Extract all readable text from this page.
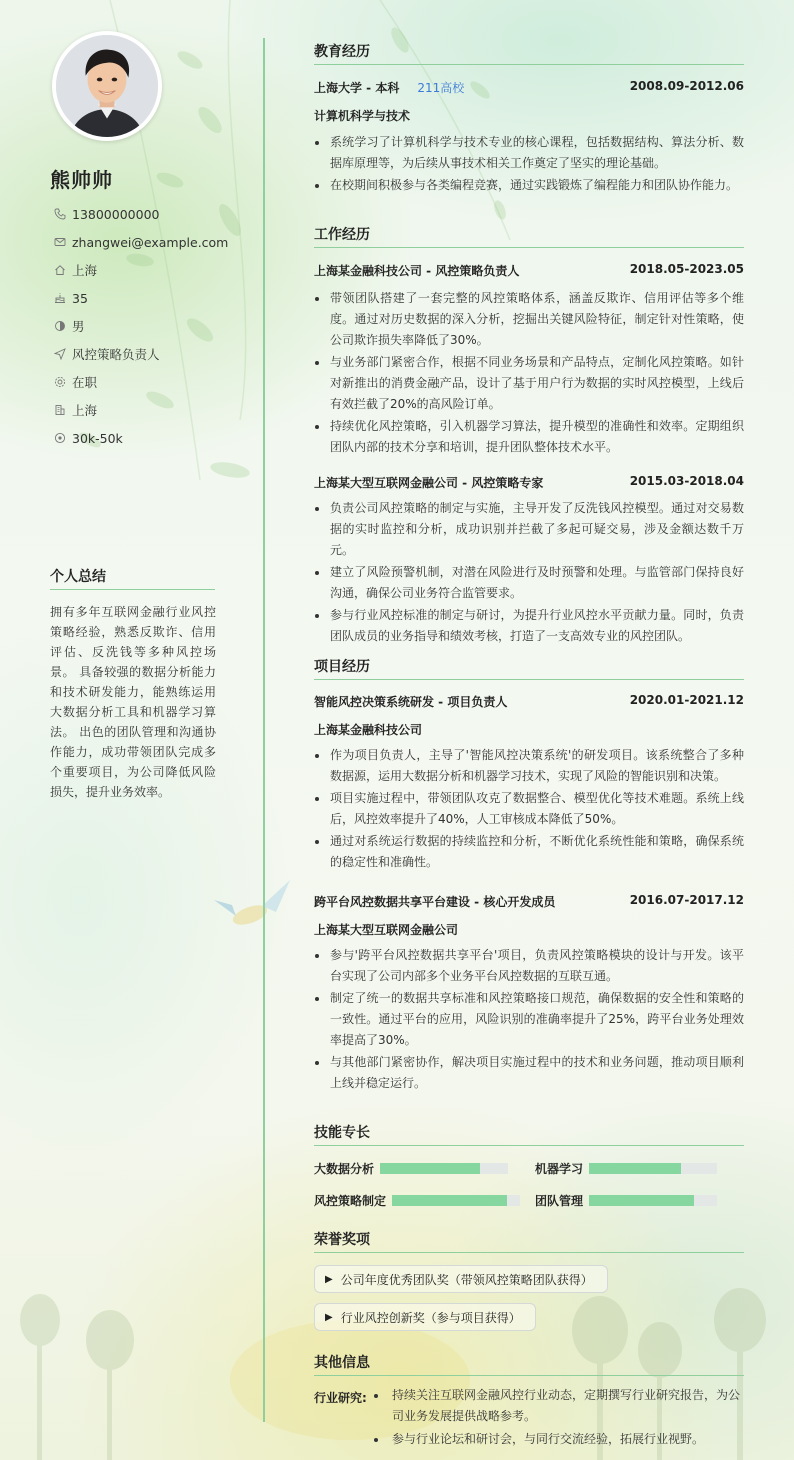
熊帅帅
13800000000
zhangwei@example.com
上海
35
男
风控策略负责人
在职
上海
30k-50k
个人总结
拥有多年互联网金融行业风控策略经验，熟悉反欺诈、信用评估、反洗钱等多种风控场景。 具备较强的数据分析能力和技术研发能力，能熟练运用大数据分析工具和机器学习算法。 出色的团队管理和沟通协作能力，成功带领团队完成多个重要项目，为公司降低风险损失，提升业务效率。
教育经历
上海大学 - 本科 211高校	2008.09-2012.06
计算机科学与技术
系统学习了计算机科学与技术专业的核心课程，包括数据结构、算法分析、数据库原理等，为后续从事技术相关工作奠定了坚实的理论基础。
在校期间积极参与各类编程竞赛，通过实践锻炼了编程能力和团队协作能力。
工作经历
上海某金融科技公司 - 风控策略负责人	2018.05-2023.05
带领团队搭建了一套完整的风控策略体系，涵盖反欺诈、信用评估等多个维度。通过对历史数据的深入分析，挖掘出关键风险特征，制定针对性策略，使公司欺诈损失率降低了30%。
与业务部门紧密合作，根据不同业务场景和产品特点，定制化风控策略。如针对新推出的消费金融产品，设计了基于用户行为数据的实时风控模型，上线后有效拦截了20%的高风险订单。
持续优化风控策略，引入机器学习算法，提升模型的准确性和效率。定期组织团队内部的技术分享和培训，提升团队整体技术水平。
上海某大型互联网金融公司 - 风控策略专家	2015.03-2018.04
负责公司风控策略的制定与实施，主导开发了反洗钱风控模型。通过对交易数据的实时监控和分析，成功识别并拦截了多起可疑交易，涉及金额达数千万元。
建立了风险预警机制，对潜在风险进行及时预警和处理。与监管部门保持良好沟通，确保公司业务符合监管要求。
参与行业风控标准的制定与研讨，为提升行业风控水平贡献力量。同时，负责团队成员的业务指导和绩效考核，打造了一支高效专业的风控团队。
项目经历
智能风控决策系统研发 - 项目负责人	2020.01-2021.12
上海某金融科技公司
作为项目负责人，主导了'智能风控决策系统'的研发项目。该系统整合了多种数据源，运用大数据分析和机器学习技术，实现了风险的智能识别和决策。
项目实施过程中，带领团队攻克了数据整合、模型优化等技术难题。系统上线后，风控效率提升了40%，人工审核成本降低了50%。
通过对系统运行数据的持续监控和分析，不断优化系统性能和策略，确保系统的稳定性和准确性。
跨平台风控数据共享平台建设 - 核心开发成员	2016.07-2017.12
上海某大型互联网金融公司
参与'跨平台风控数据共享平台'项目，负责风控策略模块的设计与开发。该平台实现了公司内部多个业务平台风控数据的互联互通。
制定了统一的数据共享标准和风控策略接口规范，确保数据的安全性和策略的一致性。通过平台的应用，风险识别的准确率提升了25%，跨平台业务处理效率提高了30%。
与其他部门紧密协作，解决项目实施过程中的技术和业务问题，推动项目顺利上线并稳定运行。
技能专长
大数据分析	机器学习
风控策略制定	团队管理
荣誉奖项
▶ 公司年度优秀团队奖（带领风控策略团队获得）
▶ 行业风控创新奖（参与项目获得）
其他信息
行业研究:	持续关注互联网金融风控行业动态，定期撰写行业研究报告，为公司业务发展提供战略参考。
参与行业论坛和研讨会，与同行交流经验，拓展行业视野。
